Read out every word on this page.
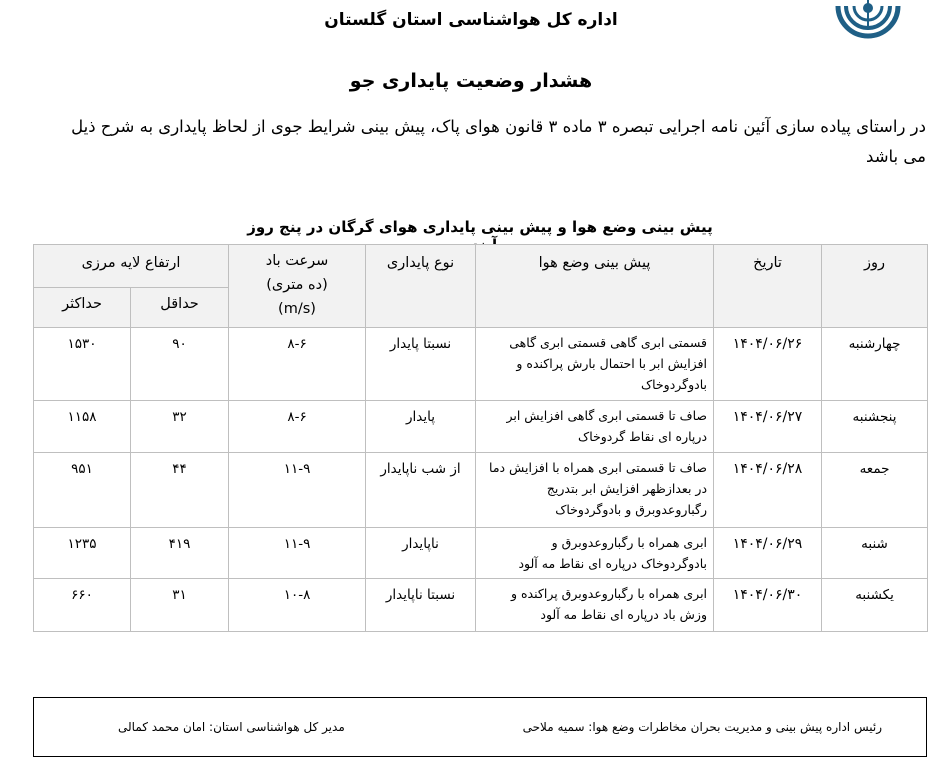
اداره کل هواشناسی استان گلستان
هشدار وضعیت پایداری جو
در راستای پیاده سازی آئین نامه اجرایی تبصره ۳ ماده ۳ قانون هوای پاک، پیش بینی شرایط جوی از لحاظ پایداری به شرح ذیل می باشد
پیش بینی وضع هوا و پیش بینی پایداری هوای گرگان در پنج روز
روز	تاریخ	پیش بینی وضع هوا	نوع پایداری	سرعت باد
(ده متری)
(m/s)	ارتفاع لایه مرزی	
					حداقل	حداکثر
چهارشنبه	۱۴۰۴/۰۶/۲۶	قسمتی ابری گاهی قسمتی ابری گاهی افزایش ابر با احتمال بارش پراکنده و بادوگردوخاک	نسبتا پایدار	۸-۶	۹۰	۱۵۳۰
پنجشنبه	۱۴۰۴/۰۶/۲۷	صاف تا قسمتی ابری گاهی افزایش ابر درپاره ای نقاط گردوخاک	پایدار	۸-۶	۳۲	۱۱۵۸
جمعه	۱۴۰۴/۰۶/۲۸	صاف تا قسمتی ابری همراه با افزایش دما در بعدازظهر افزایش ابر بتدریج رگباروعدوبرق و بادوگردوخاک	از شب ناپایدار	۱۱-۹	۴۴	۹۵۱
شنبه	۱۴۰۴/۰۶/۲۹	ابری همراه با رگباروعدوبرق و بادوگردوخاک درپاره ای نقاط مه آلود	ناپایدار	۱۱-۹	۴۱۹	۱۲۳۵
یکشنبه	۱۴۰۴/۰۶/۳۰	ابری همراه با رگباروعدوبرق پراکنده و وزش باد درپاره ای نقاط مه آلود	نسبتا ناپایدار	۱۰-۸	۳۱	۶۶۰
رئیس اداره پیش بینی و مدیریت بحران مخاطرات وضع هوا: سمیه ملاحی
مدیر کل هواشناسی استان: امان محمد کمالی
